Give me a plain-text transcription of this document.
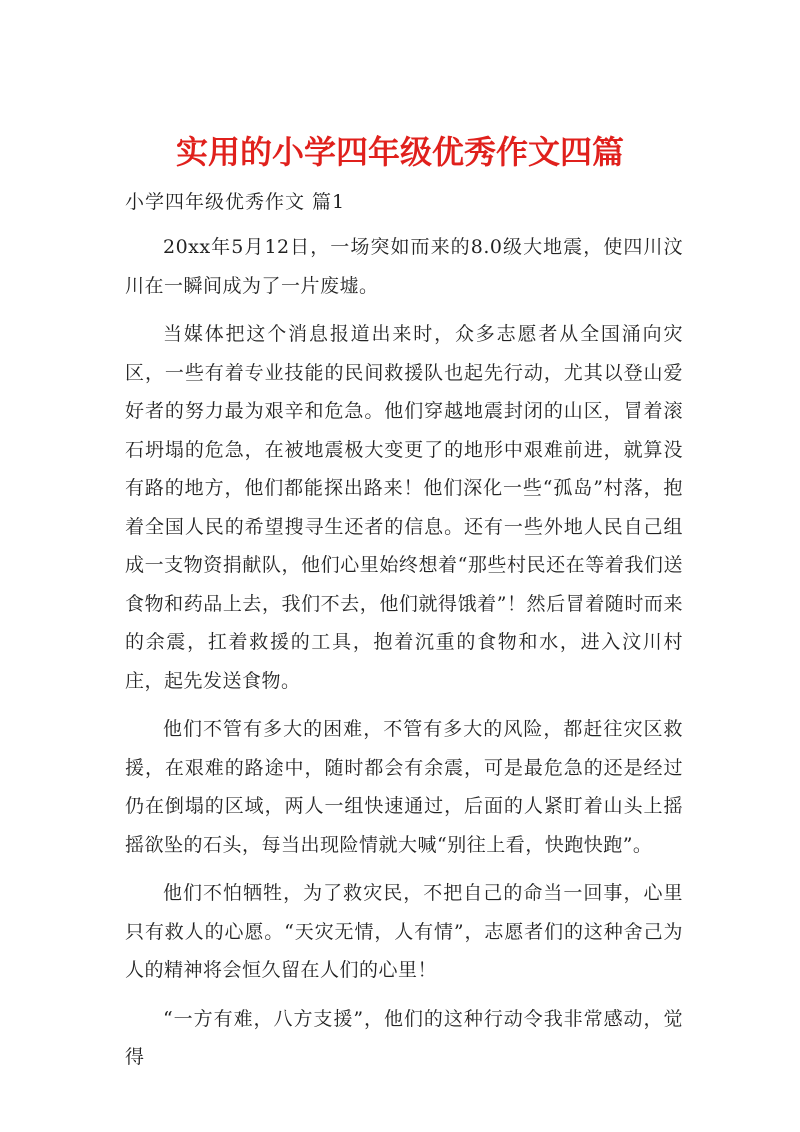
实用的小学四年级优秀作文四篇

小学四年级优秀作文 篇1

20xx年5月12日，一场突如而来的8.0级大地震，使四川汶川在一瞬间成为了一片废墟。

当媒体把这个消息报道出来时，众多志愿者从全国涌向灾区，一些有着专业技能的民间救援队也起先行动，尤其以登山爱好者的努力最为艰辛和危急。他们穿越地震封闭的山区，冒着滚石坍塌的危急，在被地震极大变更了的地形中艰难前进，就算没有路的地方，他们都能探出路来！他们深化一些“孤岛”村落，抱着全国人民的希望搜寻生还者的信息。还有一些外地人民自己组成一支物资捐献队，他们心里始终想着“那些村民还在等着我们送食物和药品上去，我们不去，他们就得饿着”！然后冒着随时而来的余震，扛着救援的工具，抱着沉重的食物和水，进入汶川村庄，起先发送食物。

他们不管有多大的困难，不管有多大的风险，都赶往灾区救援，在艰难的路途中，随时都会有余震，可是最危急的还是经过仍在倒塌的区域，两人一组快速通过，后面的人紧盯着山头上摇摇欲坠的石头，每当出现险情就大喊“别往上看，快跑快跑”。

他们不怕牺牲，为了救灾民，不把自己的命当一回事，心里只有救人的心愿。“天灾无情，人有情”，志愿者们的这种舍己为人的精神将会恒久留在人们的心里！

“一方有难，八方支援”，他们的这种行动令我非常感动，觉得
